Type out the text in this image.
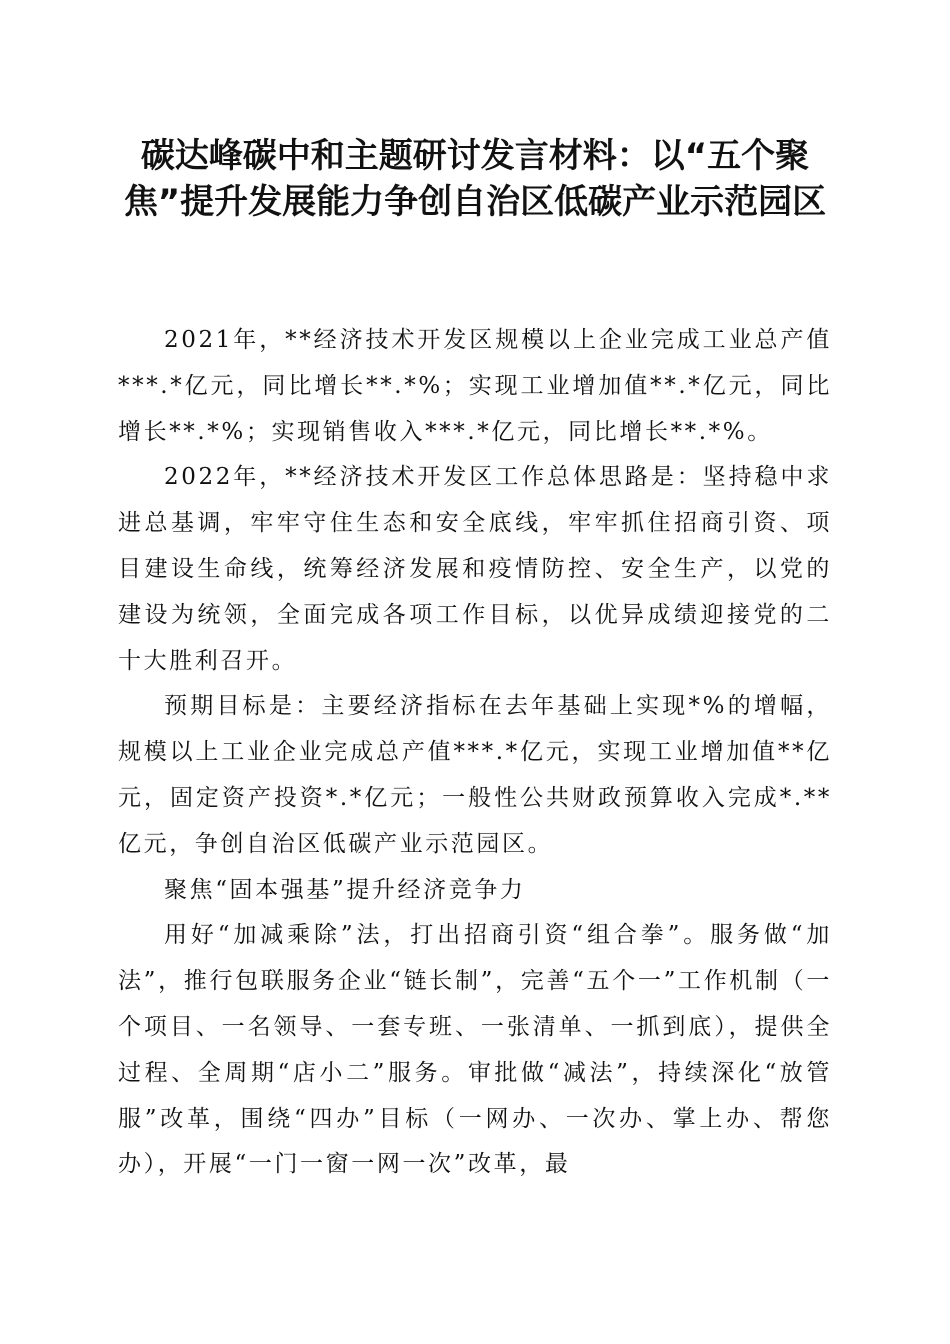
碳达峰碳中和主题研讨发言材料：以“五个聚焦”提升发展能力争创自治区低碳产业示范园区

2021年，**经济技术开发区规模以上企业完成工业总产值***.*亿元，同比增长**.*%；实现工业增加值**.*亿元，同比增长**.*%；实现销售收入***.*亿元，同比增长**.*%。

2022年，**经济技术开发区工作总体思路是：坚持稳中求进总基调，牢牢守住生态和安全底线，牢牢抓住招商引资、项目建设生命线，统筹经济发展和疫情防控、安全生产，以党的建设为统领，全面完成各项工作目标，以优异成绩迎接党的二十大胜利召开。

预期目标是：主要经济指标在去年基础上实现*%的增幅，规模以上工业企业完成总产值***.*亿元，实现工业增加值**亿元，固定资产投资*.*亿元；一般性公共财政预算收入完成*.**亿元，争创自治区低碳产业示范园区。

聚焦“固本强基”提升经济竞争力

用好“加减乘除”法，打出招商引资“组合拳”。服务做“加法”，推行包联服务企业“链长制”，完善“五个一”工作机制（一个项目、一名领导、一套专班、一张清单、一抓到底），提供全过程、全周期“店小二”服务。审批做“减法”，持续深化“放管服”改革，围绕“四办”目标（一网办、一次办、掌上办、帮您办），开展“一门一窗一网一次”改革，最
